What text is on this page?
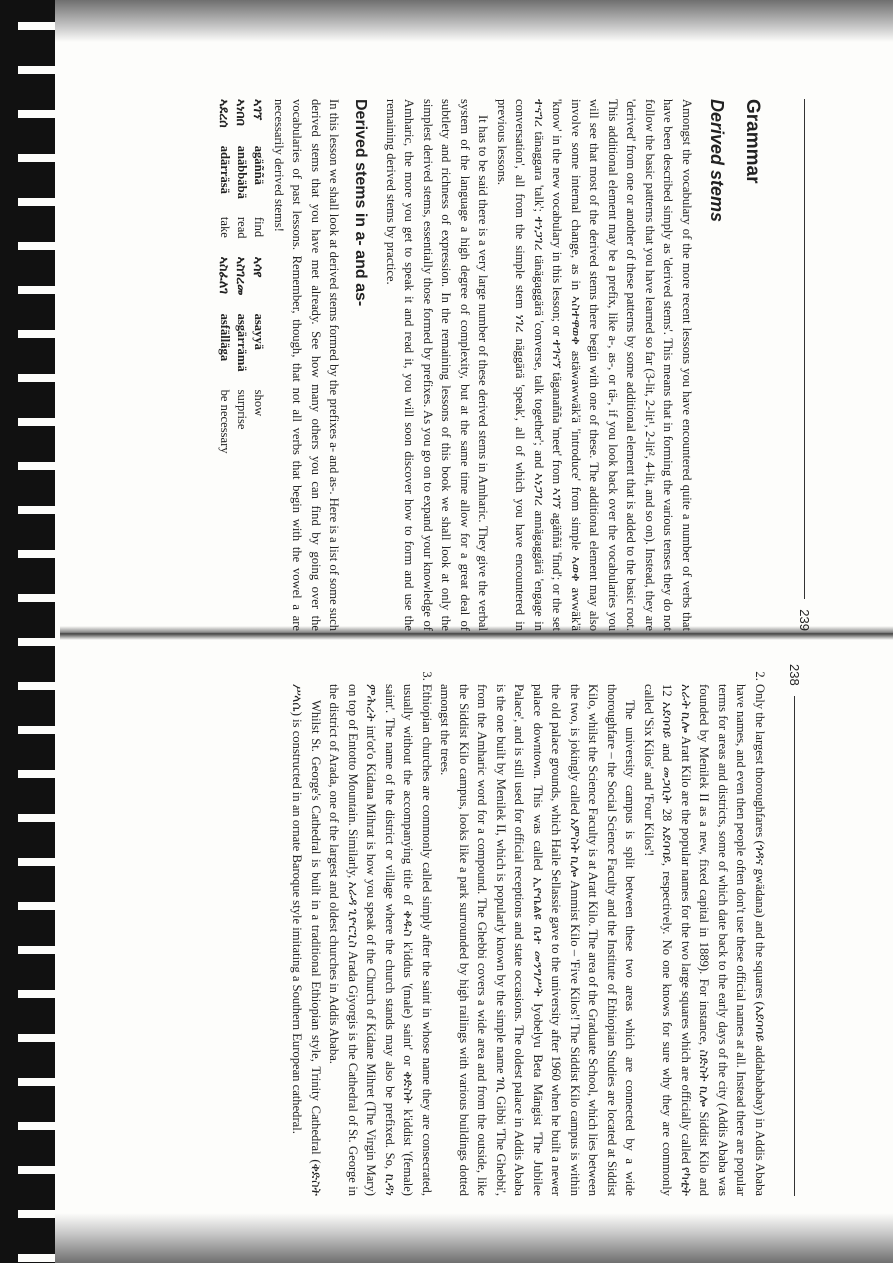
239
Grammar
Derived stems

Amongst the vocabulary of the more recent lessons you have encountered quite a number of verbs that have been described simply as 'derived stems'. This means that in forming the various tenses they do not follow the basic patterns that you have learned so far (3-lit, 2-lit¹, 2-lit², 4-lit, and so on). Instead, they are 'derived' from one or another of these patterns by some additional element that is added to the basic root. This additional element may be a prefix, like a-, as-, or tä-, if you look back over the vocabularies you will see that most of the derived stems there begin with one of these. The additional element may also involve some internal change, as in ኣስተዋወቀ astäwawwäk'ä 'introduce' from simple ኣወቀ awwäk'ä 'know' in the new vocabulary in this lesson; or ተገናኘ täganañña 'meet' from ኣገኘ agäññä 'find'; or the set ተናገረ tänaggara 'talk'; ተነጋገረ tänägaggärä 'converse, talk together'; and ኣነጋገረ annägaggärä 'engage in conversation', all from the simple stem ነገረ näggärä 'speak', all of which you have encountered in previous lessons.

It has to be said there is a very large number of these derived stems in Amharic. They give the verbal system of the language a high degree of complexity, but at the same time allow for a great deal of subtlety and richness of expression. In the remaining lessons of this book we shall look at only the simplest derived stems, essentially those formed by prefixes. As you go on to expand your knowledge of Amharic, the more you get to speak it and read it, you will soon discover how to form and use the remaining derived stems by practice.

Derived stems in a- and as-

In this lesson we shall look at derived stems formed by the prefixes a- and as-. Here is a list of some such derived stems that you have met already. See how many others you can find by going over the vocabularies of past lessons. Remember, though, that not all verbs that begin with the vowel a are necessarily derived stems!

ኣገኘ	agäññä	find	ኣሳየ	asayyä	show
ኣነበበ	anäbbäbä	read	ኣስገረመ	asgärrämä	surprise
ኣደረሰ	adärräsä	take	ኣስፈለገ	asfälläga	be necessary
238
2. Only the largest thoroughfares (ጎዳና gwädana) and the squares (አደባባይ addabababay) in Addis Ababa have names, and even then people often don't use these official names at all. Instead there are popular terms for areas and districts, some of which date back to the early days of the city (Addis Ababa was founded by Menilek II as a new, fixed capital in 1889). For instance, ስድስት ኪሎ Siddist Kilo and አራት ኪሎ Aratt Kilo are the popular names for the two large squares which are officially called የካቲት 12 አደባባይ and መጋቢት 28 አደባባይ, respectively. No one knows for sure why they are commonly called 'Six Kilos' and 'Four Kilos'!

The university campus is split between these two areas which are connected by a wide thoroughfare – the Social Science Faculty and the Institute of Ethiopian Studies are located at Siddist Kilo, whilst the Science Faculty is at Aratt Kilo. The area of the Graduate School, which lies between the two, is jokingly called አምስት ኪሎ Ammist Kilo – 'Five Kilos'! The Siddist Kilo campus is within the old palace grounds, which Haile Sellassie gave to the university after 1960 when he built a newer palace downtown. This was called ኢዮቤልዩ ቤተ መንግሥት Iyobelyu Beta Mängist 'The Jubilee Palace', and is still used for official receptions and state occasions. The oldest palace in Addis Ababa is the one built by Menilek II, which is popularly known by the simple name ገቢ Gibbi 'The Ghebbi', from the Amharic word for a compound. The Ghebbi covers a wide area and from the outside, like the Siddist Kilo campus, looks like a park surrounded by high railings with various buildings dotted amongst the trees.

3. Ethiopian churches are commonly called simply after the saint in whose name they are consecrated, usually without the accompanying title of ቅዱስ k'iddus '(male) saint' or ቅድስት k'iddist '(female) saint'. The name of the district or village where the church stands may also be prefixed. So, ኪዳነ ምሕረት int'ot'o Kidana Mihrat is how you speak of the Church of Kidane Mihret (The Virgin Mary) on top of Entotto Mountain. Similarly, አራዳ ጊዮርጊስ Arada Giyorgis is the Cathedral of St. George in the district of Arada, one of the largest and oldest churches in Addis Ababa.

Whilst St. George's Cathedral is built in a traditional Ethiopian style, Trinity Cathedral (ቅድስት ሥላሴ) is constructed in an ornate Baroque style imitating a Southern European cathedral.
